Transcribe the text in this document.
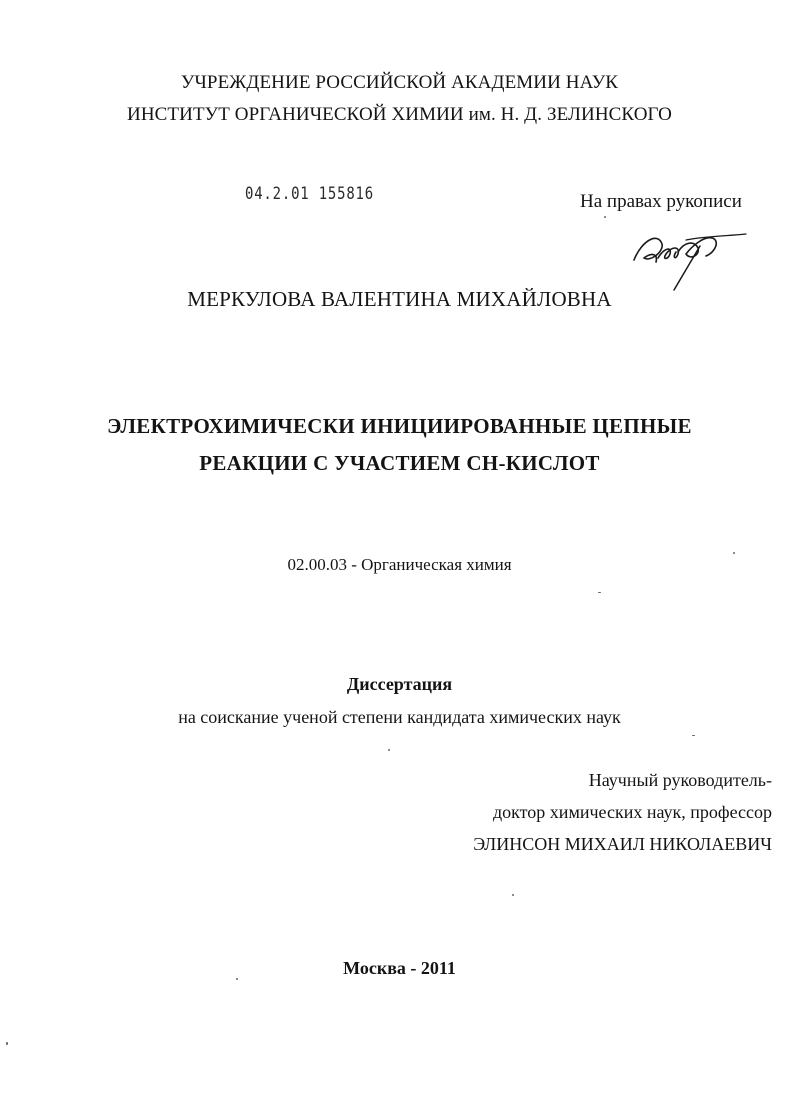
УЧРЕЖДЕНИЕ РОССИЙСКОЙ АКАДЕМИИ НАУК
ИНСТИТУТ ОРГАНИЧЕСКОЙ ХИМИИ им. Н. Д. ЗЕЛИНСКОГО
04.2.01 155816	На правах рукописи
МЕРКУЛОВА ВАЛЕНТИНА МИХАЙЛОВНА
ЭЛЕКТРОХИМИЧЕСКИ ИНИЦИИРОВАННЫЕ ЦЕПНЫЕ
РЕАКЦИИ С УЧАСТИЕМ СН-КИСЛОТ
02.00.03 - Органическая химия
Диссертация
на соискание ученой степени кандидата химических наук
Научный руководитель-
доктор химических наук, профессор
ЭЛИНСОН МИХАИЛ НИКОЛАЕВИЧ
Москва - 2011
